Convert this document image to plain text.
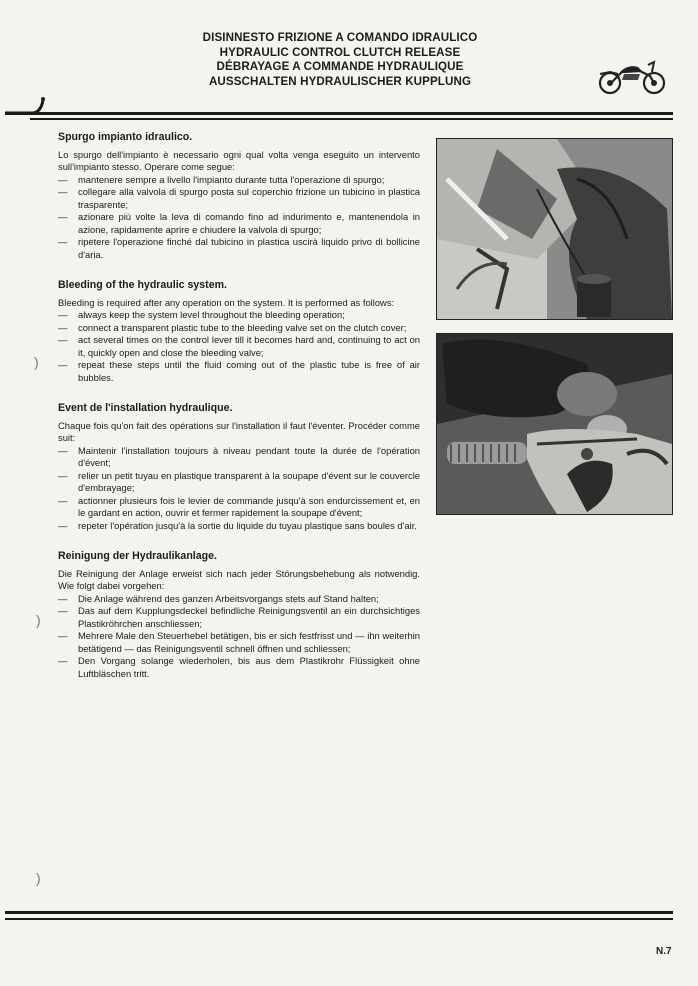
DISINNESTO FRIZIONE A COMANDO IDRAULICO
HYDRAULIC CONTROL CLUTCH RELEASE
DÉBRAYAGE A COMMANDE HYDRAULIQUE
AUSSCHALTEN HYDRAULISCHER KUPPLUNG
Spurgo impianto idraulico.

Lo spurgo dell'impianto è necessario ogni qual volta venga eseguito un intervento sull'impianto stesso. Operare come segue:

— mantenere sempre a livello l'impianto durante tutta l'operazione di spurgo;
— collegare alla valvola di spurgo posta sul coperchio frizione un tubicino in plastica trasparente;
— azionare più volte la leva di comando fino ad indurimento e, mantenendola in azione, rapidamente aprire e chiudere la valvola di spurgo;
— ripetere l'operazione finché dal tubicino in plastica uscirà liquido privo di bollicine d'aria.
Bleeding of the hydraulic system.

Bleeding is required after any operation on the system. It is performed as follows:

— always keep the system level throughout the bleeding operation;
— connect a transparent plastic tube to the bleeding valve set on the clutch cover;
— act several times on the control lever till it becomes hard and, continuing to act on it, quickly open and close the bleeding valve;
— repeat these steps until the fluid coming out of the plastic tube is free of air bubbles.
Event de l'installation hydraulique.

Chaque fois qu'on fait des opérations sur l'installation il faut l'éventer. Procéder comme suit:

— Maintenir l'installation toujours à niveau pendant toute la durée de l'opération d'évent;
— relier un petit tuyau en plastique transparent à la soupape d'évent sur le couvercle d'embrayage;
— actionner plusieurs fois le levier de commande jusqu'à son endurcissement et, en le gardant en action, ouvrir et fermer rapidement la soupape d'évent;
— repeter l'opération jusqu'à la sortie du liquide du tuyau plastique sans boules d'air.
Reinigung der Hydraulikanlage.

Die Reinigung der Anlage erweist sich nach jeder Störungsbehebung als notwendig. Wie folgt dabei vorgehen:

— Die Anlage während des ganzen Arbeitsvorgangs stets auf Stand halten;
— Das auf dem Kupplungsdeckel befindliche Reinigungsventil an ein durchsichtiges Plastikröhrchen anschliessen;
— Mehrere Male den Steuerhebel betätigen, bis er sich festfrisst und — ihn weiterhin betätigend — das Reinigungsventil schnell öffnen und schliessen;
— Den Vorgang solange wiederholen, bis aus dem Plastikrohr Flüssigkeit ohne Luftbläschen tritt.
)
)
)
N.7
